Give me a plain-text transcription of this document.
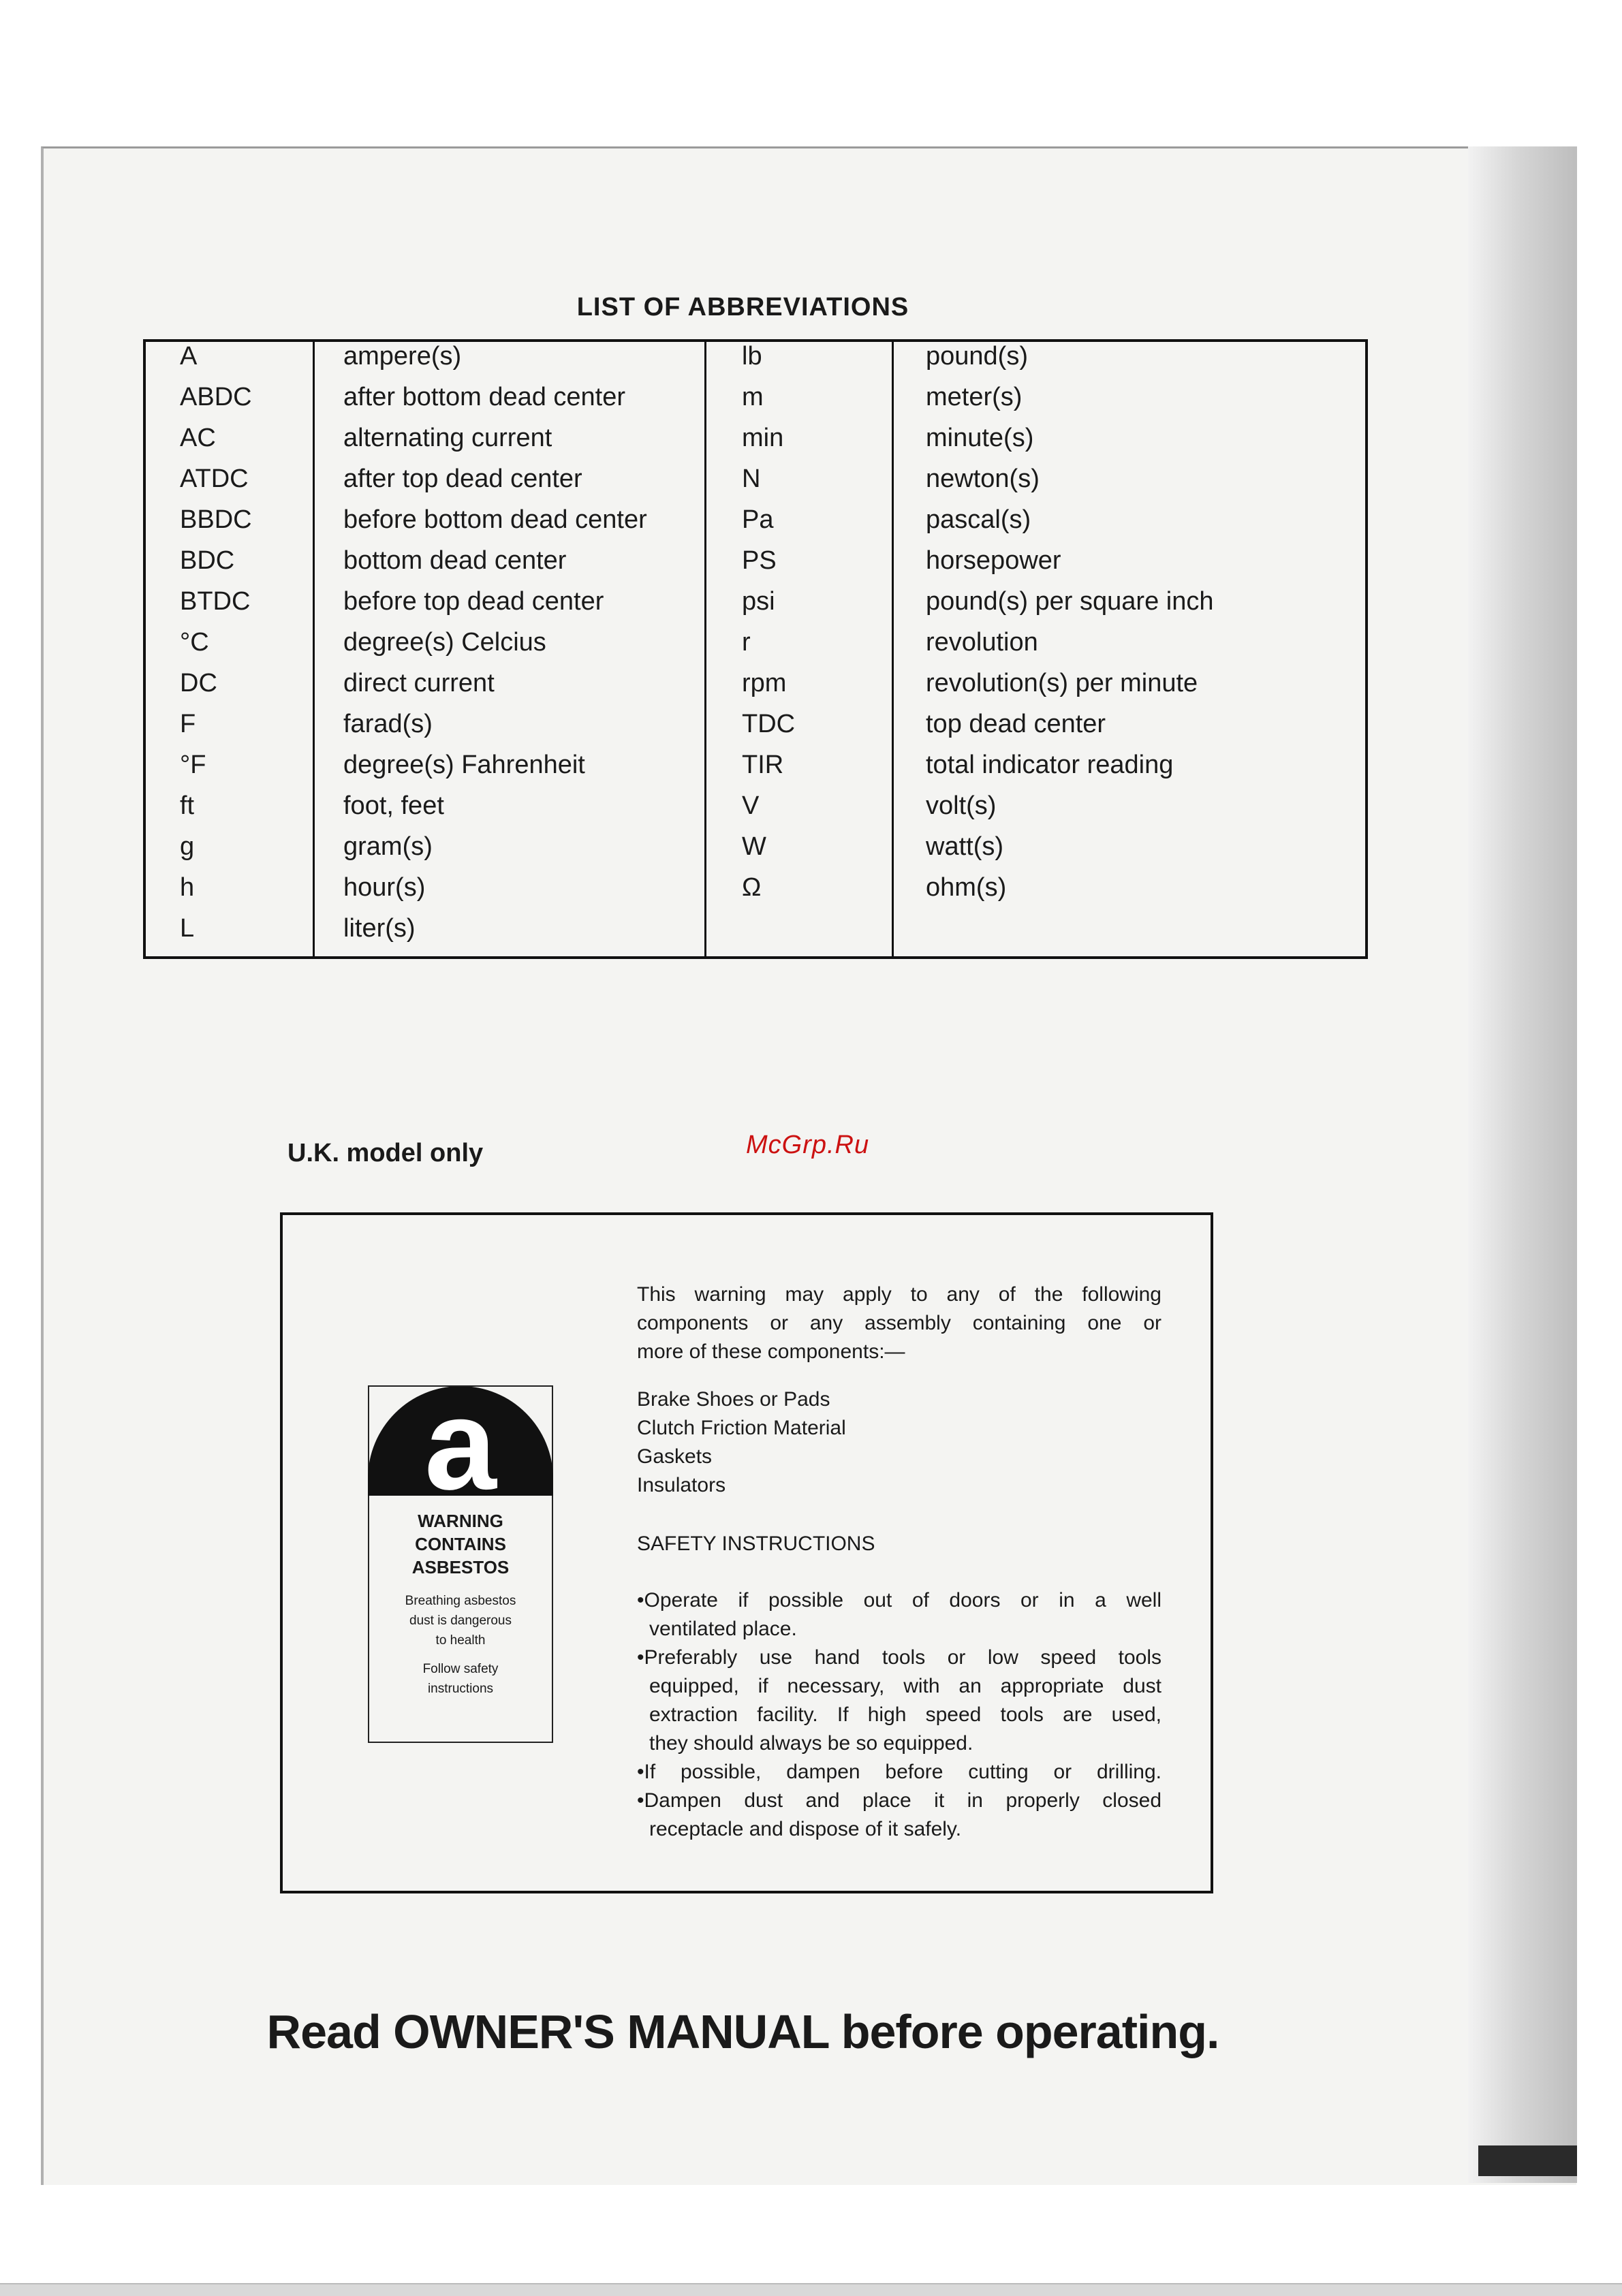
LIST OF ABBREVIATIONS
A	ampere(s)	lb	pound(s)
ABDC	after bottom dead center	m	meter(s)
AC	alternating current	min	minute(s)
ATDC	after top dead center	N	newton(s)
BBDC	before bottom dead center	Pa	pascal(s)
BDC	bottom dead center	PS	horsepower
BTDC	before top dead center	psi	pound(s) per square inch
°C	degree(s) Celcius	r	revolution
DC	direct current	rpm	revolution(s) per minute
F	farad(s)	TDC	top dead center
°F	degree(s) Fahrenheit	TIR	total indicator reading
ft	foot, feet	V	volt(s)
g	gram(s)	W	watt(s)
h	hour(s)	Ω	ohm(s)
L	liter(s)
U.K. model only	McGrp.Ru
a
WARNING
CONTAINS
ASBESTOS
Breathing asbestos
dust is dangerous
to health
Follow safety
instructions
This warning may apply to any of the following
components or any assembly containing one or
more of these components:—
Brake Shoes or Pads
Clutch Friction Material
Gaskets
Insulators
SAFETY INSTRUCTIONS
•Operate if possible out of doors or in a well
ventilated place.
•Preferably use hand tools or low speed tools
equipped, if necessary, with an appropriate dust
extraction facility. If high speed tools are used,
they should always be so equipped.
•If possible, dampen before cutting or drilling.
•Dampen dust and place it in properly closed
receptacle and dispose of it safely.
Read OWNER'S MANUAL before operating.
